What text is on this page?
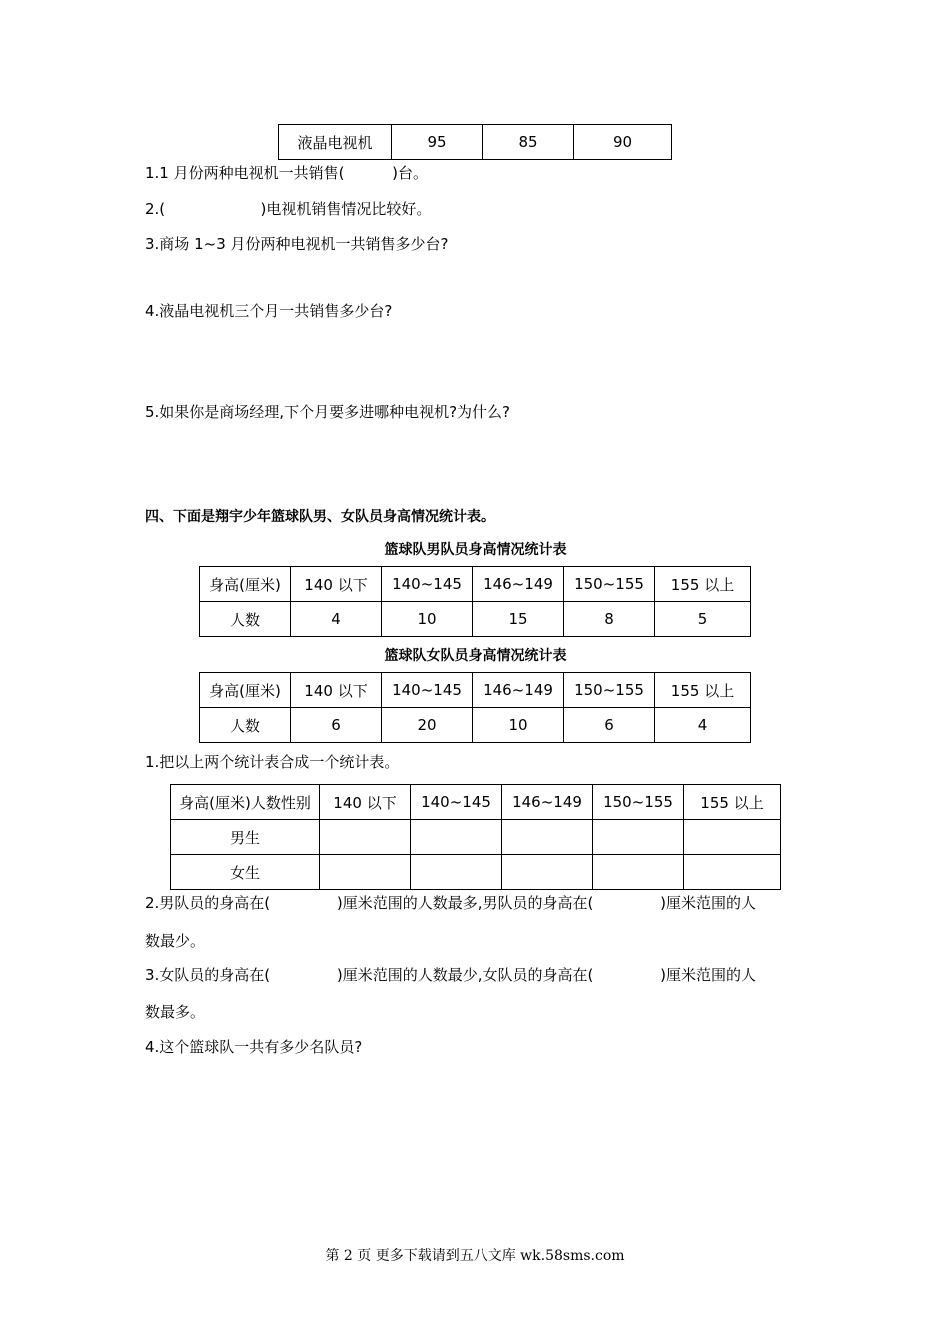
液晶电视机	95	85	90
1.1 月份两种电视机一共销售(          )台。
2.(                    )电视机销售情况比较好。
3.商场 1~3 月份两种电视机一共销售多少台?
4.液晶电视机三个月一共销售多少台?
5.如果你是商场经理,下个月要多进哪种电视机?为什么?
四、下面是翔宇少年篮球队男、女队员身高情况统计表。
篮球队男队员身高情况统计表
身高(厘米)	140 以下	140~145	146~149	150~155	155 以上
人数	4	10	15	8	5
篮球队女队员身高情况统计表
身高(厘米)	140 以下	140~145	146~149	150~155	155 以上
人数	6	20	10	6	4
1.把以上两个统计表合成一个统计表。
身高(厘米)人数性别	140 以下	140~145	146~149	150~155	155 以上
男生					
女生					
2.男队员的身高在(              )厘米范围的人数最多,男队员的身高在(              )厘米范围的人
数最少。
3.女队员的身高在(              )厘米范围的人数最少,女队员的身高在(              )厘米范围的人
数最多。
4.这个篮球队一共有多少名队员?
第 2 页 更多下载请到五八文库 wk.58sms.com
